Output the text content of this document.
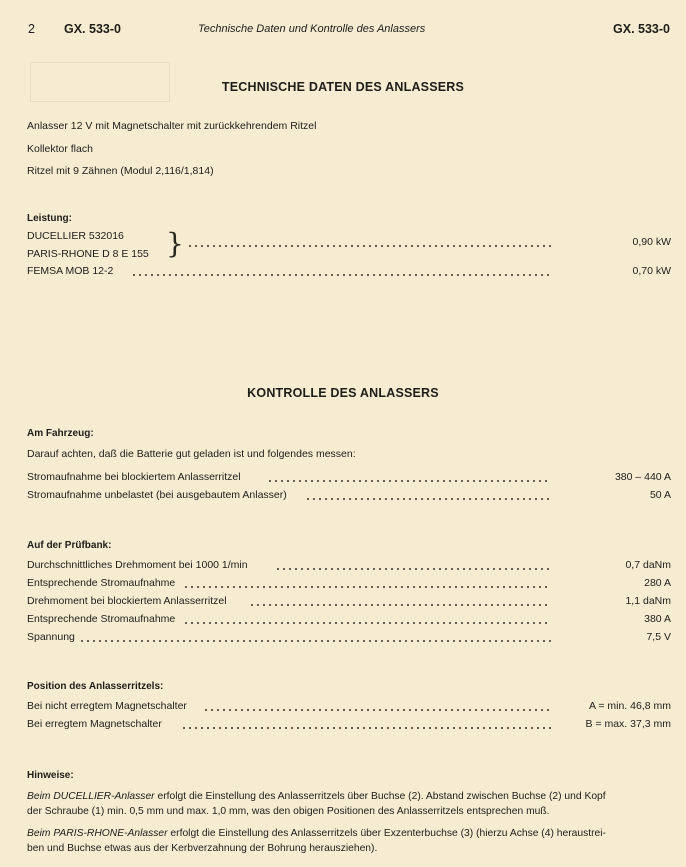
2 GX. 533-0	Technische Daten und Kontrolle des Anlassers	GX. 533-0
TECHNISCHE DATEN DES ANLASSERS
Anlasser 12 V mit Magnetschalter mit zurückkehrendem Ritzel
Kollektor flach
Ritzel mit 9 Zähnen (Modul 2,116/1,814)
Leistung:
DUCELLIER 532016
PARIS-RHONE D 8 E 155 }	0,90 kW
FEMSA MOB 12-2	0,70 kW
KONTROLLE DES ANLASSERS
Am Fahrzeug:
Darauf achten, daß die Batterie gut geladen ist und folgendes messen:
Stromaufnahme bei blockiertem Anlasserritzel	380 – 440 A
Stromaufnahme unbelastet (bei ausgebautem Anlasser)	50 A
Auf der Prüfbank:
Durchschnittliches Drehmoment bei 1000 1/min	0,7 daNm
Entsprechende Stromaufnahme	280 A
Drehmoment bei blockiertem Anlasserritzel	1,1 daNm
Entsprechende Stromaufnahme	380 A
Spannung	7,5 V
Position des Anlasserritzels:
Bei nicht erregtem Magnetschalter	A = min. 46,8 mm
Bei erregtem Magnetschalter	B = max. 37,3 mm
Hinweise:
Beim DUCELLIER-Anlasser erfolgt die Einstellung des Anlasserritzels über Buchse (2). Abstand zwischen Buchse (2) und Kopf
der Schraube (1) min. 0,5 mm und max. 1,0 mm, was den obigen Positionen des Anlasserritzels entsprechen muß.
Beim PARIS-RHONE-Anlasser erfolgt die Einstellung des Anlasserritzels über Exzenterbuchse (3) (hierzu Achse (4) heraustrei-
ben und Buchse etwas aus der Kerbverzahnung der Bohrung herausziehen).
